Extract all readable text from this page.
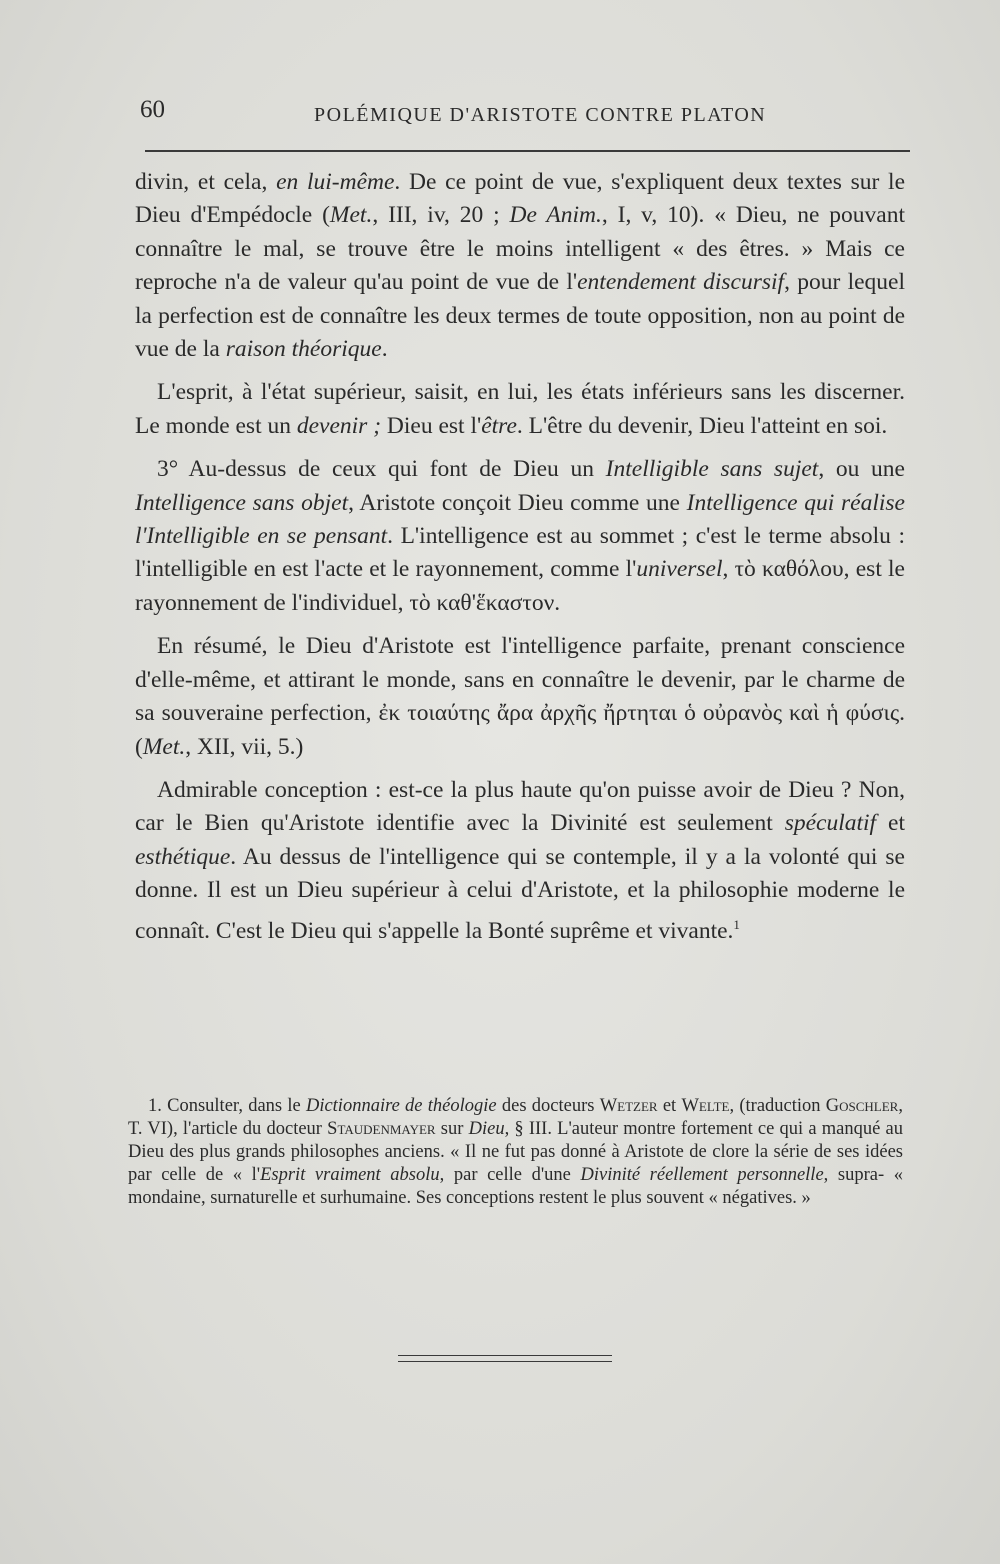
60	POLÉMIQUE D'ARISTOTE CONTRE PLATON

divin, et cela, en lui-même. De ce point de vue, s'expliquent deux textes sur le Dieu d'Empédocle (Met., III, iv, 20 ; De Anim., I, v, 10). « Dieu, ne pouvant connaître le mal, se trouve être le moins intelligent « des êtres. » Mais ce reproche n'a de valeur qu'au point de vue de l'entendement discursif, pour lequel la perfection est de connaître les deux termes de toute opposition, non au point de vue de la raison théorique.

L'esprit, à l'état supérieur, saisit, en lui, les états inférieurs sans les discerner. Le monde est un devenir ; Dieu est l'être. L'être du devenir, Dieu l'atteint en soi.

3° Au-dessus de ceux qui font de Dieu un Intelligible sans sujet, ou une Intelligence sans objet, Aristote conçoit Dieu comme une Intelligence qui réalise l'Intelligible en se pensant. L'intelligence est au sommet ; c'est le terme absolu : l'intelligible en est l'acte et le rayonnement, comme l'universel, τὸ καθόλου, est le rayonnement de l'individuel, τὸ καθ'ἕκαστον.

En résumé, le Dieu d'Aristote est l'intelligence parfaite, prenant conscience d'elle-même, et attirant le monde, sans en connaître le devenir, par le charme de sa souveraine perfection, ἐκ τοιαύτης ἄρα ἀρχῆς ἤρτηται ὁ οὐρανὸς καὶ ἡ φύσις. (Met., XII, vii, 5.)

Admirable conception : est-ce la plus haute qu'on puisse avoir de Dieu ? Non, car le Bien qu'Aristote identifie avec la Divinité est seulement spéculatif et esthétique. Au dessus de l'intelligence qui se contemple, il y a la volonté qui se donne. Il est un Dieu supérieur à celui d'Aristote, et la philosophie moderne le connaît. C'est le Dieu qui s'appelle la Bonté suprême et vivante.$^1$

1. Consulter, dans le Dictionnaire de théologie des docteurs Wetzer et Welte, (traduction Goschler, T. VI), l'article du docteur Staudenmayer sur Dieu, § III. L'auteur montre fortement ce qui a manqué au Dieu des plus grands philosophes anciens. « Il ne fut pas donné à Aristote de clore la série de ses idées par celle de « l'Esprit vraiment absolu, par celle d'une Divinité réellement personnelle, supra- « mondaine, surnaturelle et surhumaine. Ses conceptions restent le plus souvent « négatives. »
